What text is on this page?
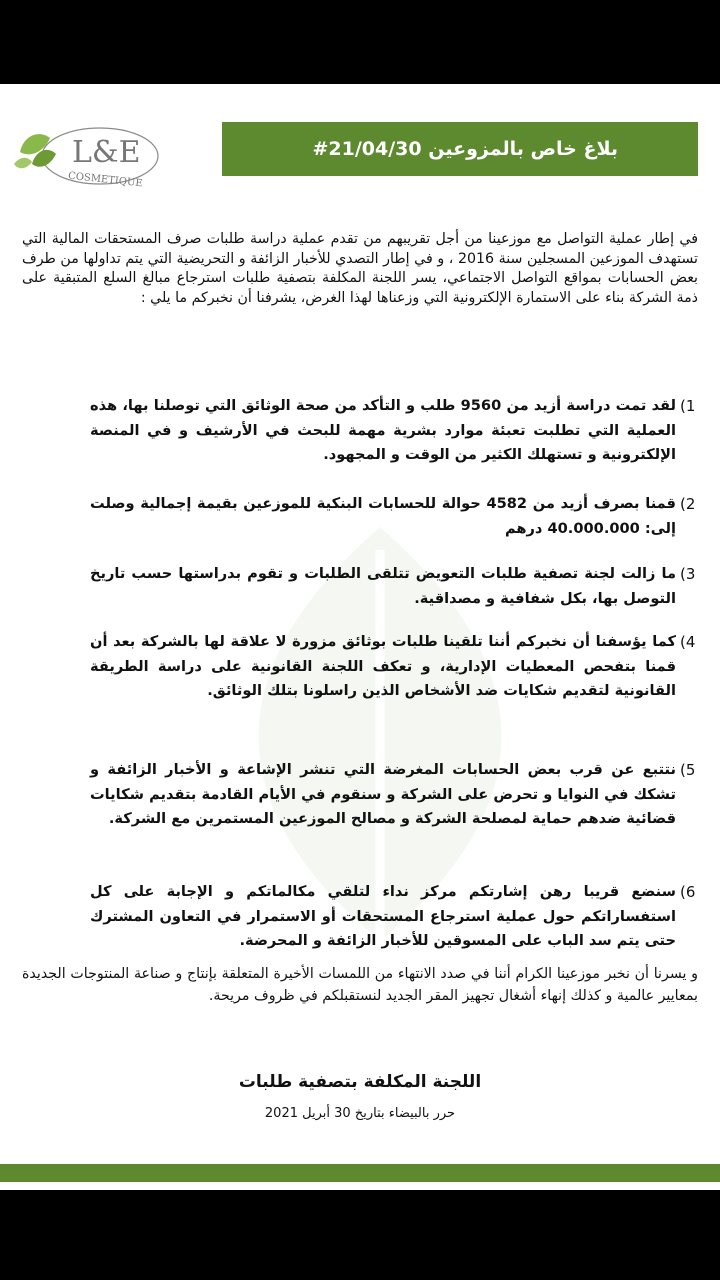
L&E
COSMETIQUE
بلاغ خاص بالمزوعين 21/04/30#
في إطار عملية التواصل مع موزعينا من أجل تقريبهم من تقدم عملية دراسة طلبات صرف المستحقات المالية التي تستهدف الموزعين المسجلين سنة 2016 ، و في إطار التصدي للأخبار الزائفة و التحريضية التي يتم تداولها من طرف بعض الحسابات بمواقع التواصل الاجتماعي، يسر اللجنة المكلفة بتصفية طلبات استرجاع مبالغ السلع المتبقية على ذمة الشركة بناء على الاستمارة الإلكترونية التي وزعناها لهذا الغرض، يشرفنا أن نخبركم ما يلي :
(1
لقد تمت دراسة أزيد من 9560 طلب و التأكد من صحة الوثائق التي توصلنا بها، هذه العملية التي تطلبت تعبئة موارد بشرية مهمة للبحث في الأرشيف و في المنصة الإلكترونية و تستهلك الكثير من الوقت و المجهود.
(2
قمنا بصرف أزيد من 4582 حوالة للحسابات البنكية للموزعين بقيمة إجمالية وصلت إلى: 40.000.000 درهم
(3
ما زالت لجنة تصفية طلبات التعويض تتلقى الطلبات و تقوم بدراستها حسب تاريخ التوصل بها، بكل شفافية و مصداقية.
(4
كما يؤسفنا أن نخبركم أننا تلقينا طلبات بوثائق مزورة لا علاقة لها بالشركة بعد أن قمنا بتفحص المعطيات الإدارية، و تعكف اللجنة القانونية على دراسة الطريقة القانونية لتقديم شكايات ضد الأشخاص الذين راسلونا بتلك الوثائق.
(5
نتتبع عن قرب بعض الحسابات المغرضة التي تنشر الإشاعة و الأخبار الزائفة و تشكك في النوايا و تحرض على الشركة و سنقوم في الأيام القادمة بتقديم شكايات قضائية ضدهم حماية لمصلحة الشركة و مصالح الموزعين المستمرين مع الشركة.
(6
سنضع قريبا رهن إشارتكم مركز نداء لتلقي مكالماتكم و الإجابة على كل استفساراتكم حول عملية استرجاع المستحقات أو الاستمرار في التعاون المشترك حتى يتم سد الباب على المسوقين للأخبار الزائفة و المحرضة.
و يسرنا أن نخبر موزعينا الكرام أننا في صدد الانتهاء من اللمسات الأخيرة المتعلقة بإنتاج و صناعة المنتوجات الجديدة بمعايير عالمية و كذلك إنهاء أشغال تجهيز المقر الجديد لنستقبلكم في ظروف مريحة.
اللجنة المكلفة بتصفية طلبات
حرر بالبيضاء بتاريخ 30 أبريل 2021
